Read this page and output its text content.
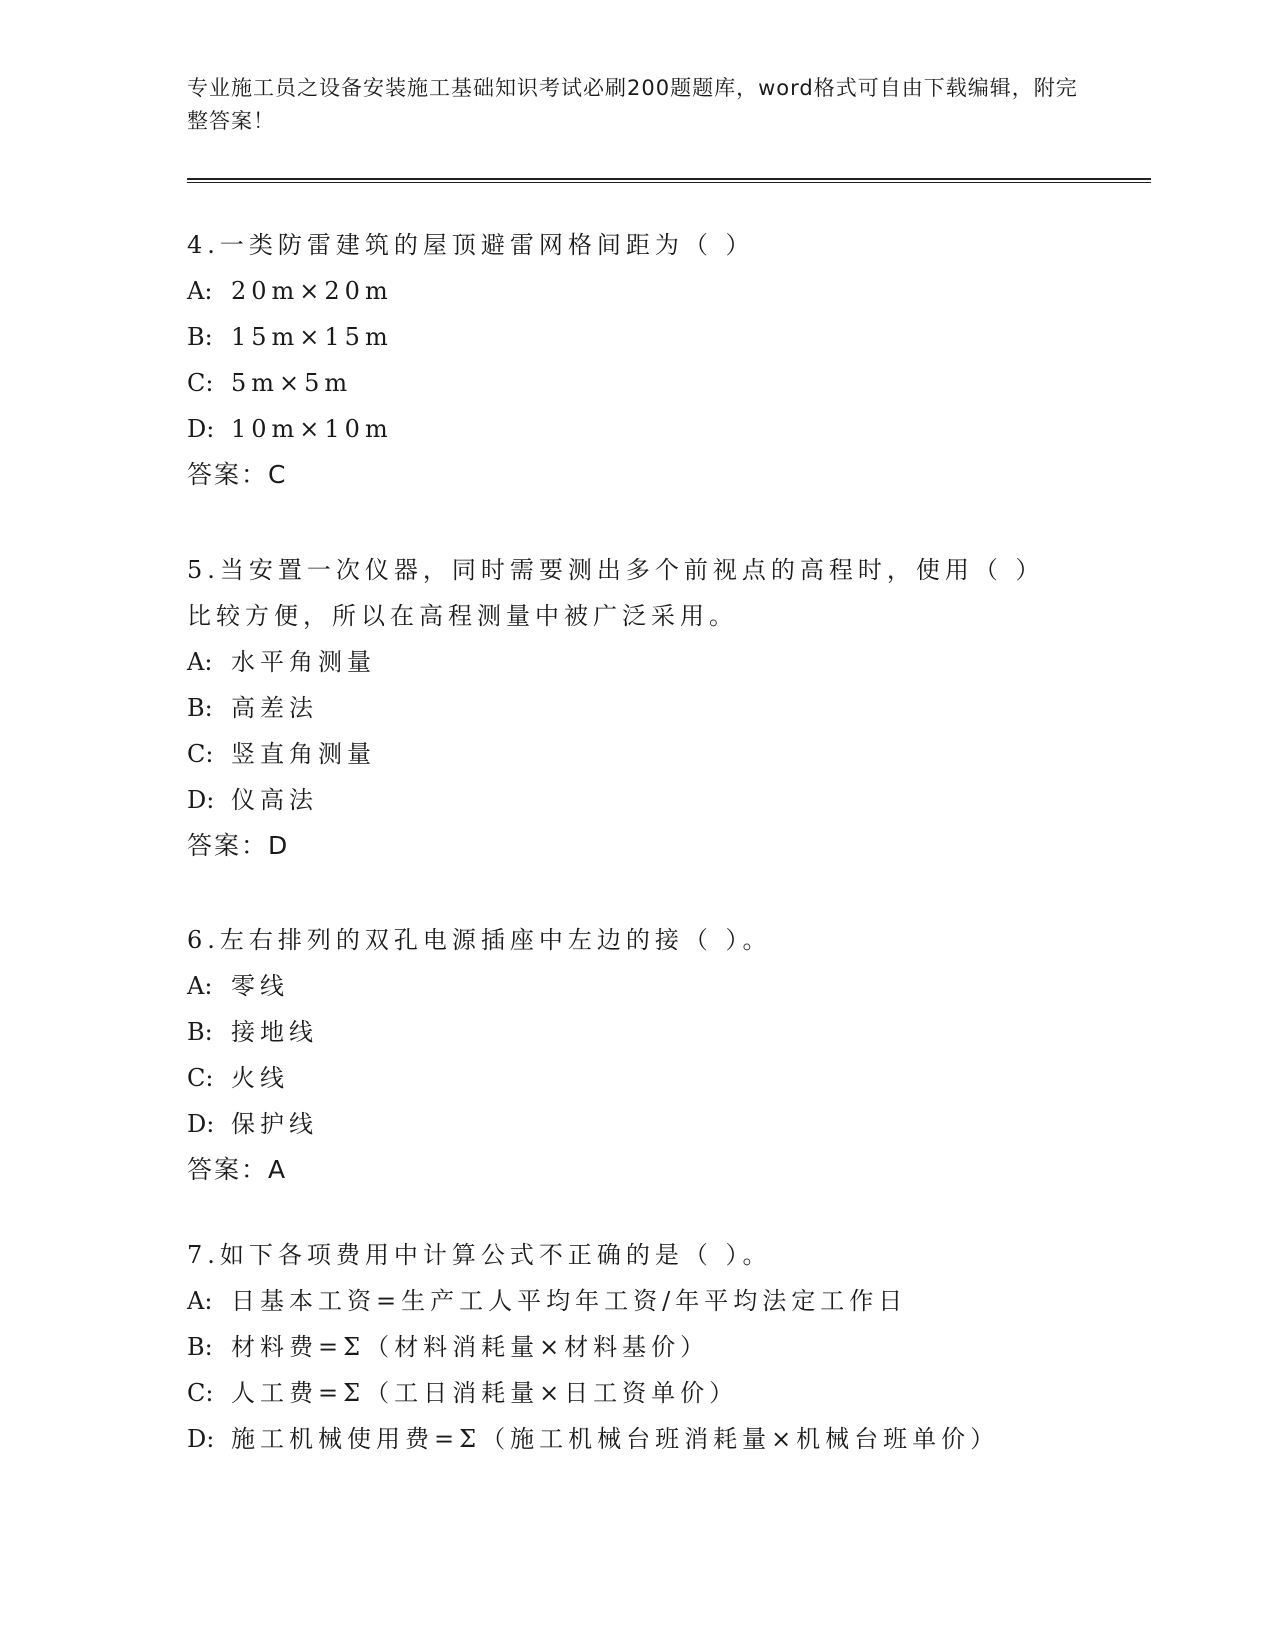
专业施工员之设备安装施工基础知识考试必刷200题题库，word格式可自由下载编辑，附完整答案！
4.一类防雷建筑的屋顶避雷网格间距为（ ）
A: 20m×20m
B: 15m×15m
C: 5m×5m
D: 10m×10m
答案：C
5.当安置一次仪器，同时需要测出多个前视点的高程时，使用（ ）比较方便，所以在高程测量中被广泛采用。
A: 水平角测量
B: 高差法
C: 竖直角测量
D: 仪高法
答案：D
6.左右排列的双孔电源插座中左边的接（ ）。
A: 零线
B: 接地线
C: 火线
D: 保护线
答案：A
7.如下各项费用中计算公式不正确的是（ ）。
A: 日基本工资=生产工人平均年工资/年平均法定工作日
B: 材料费=Σ（材料消耗量×材料基价）
C: 人工费=Σ（工日消耗量×日工资单价）
D: 施工机械使用费=Σ（施工机械台班消耗量×机械台班单价）
